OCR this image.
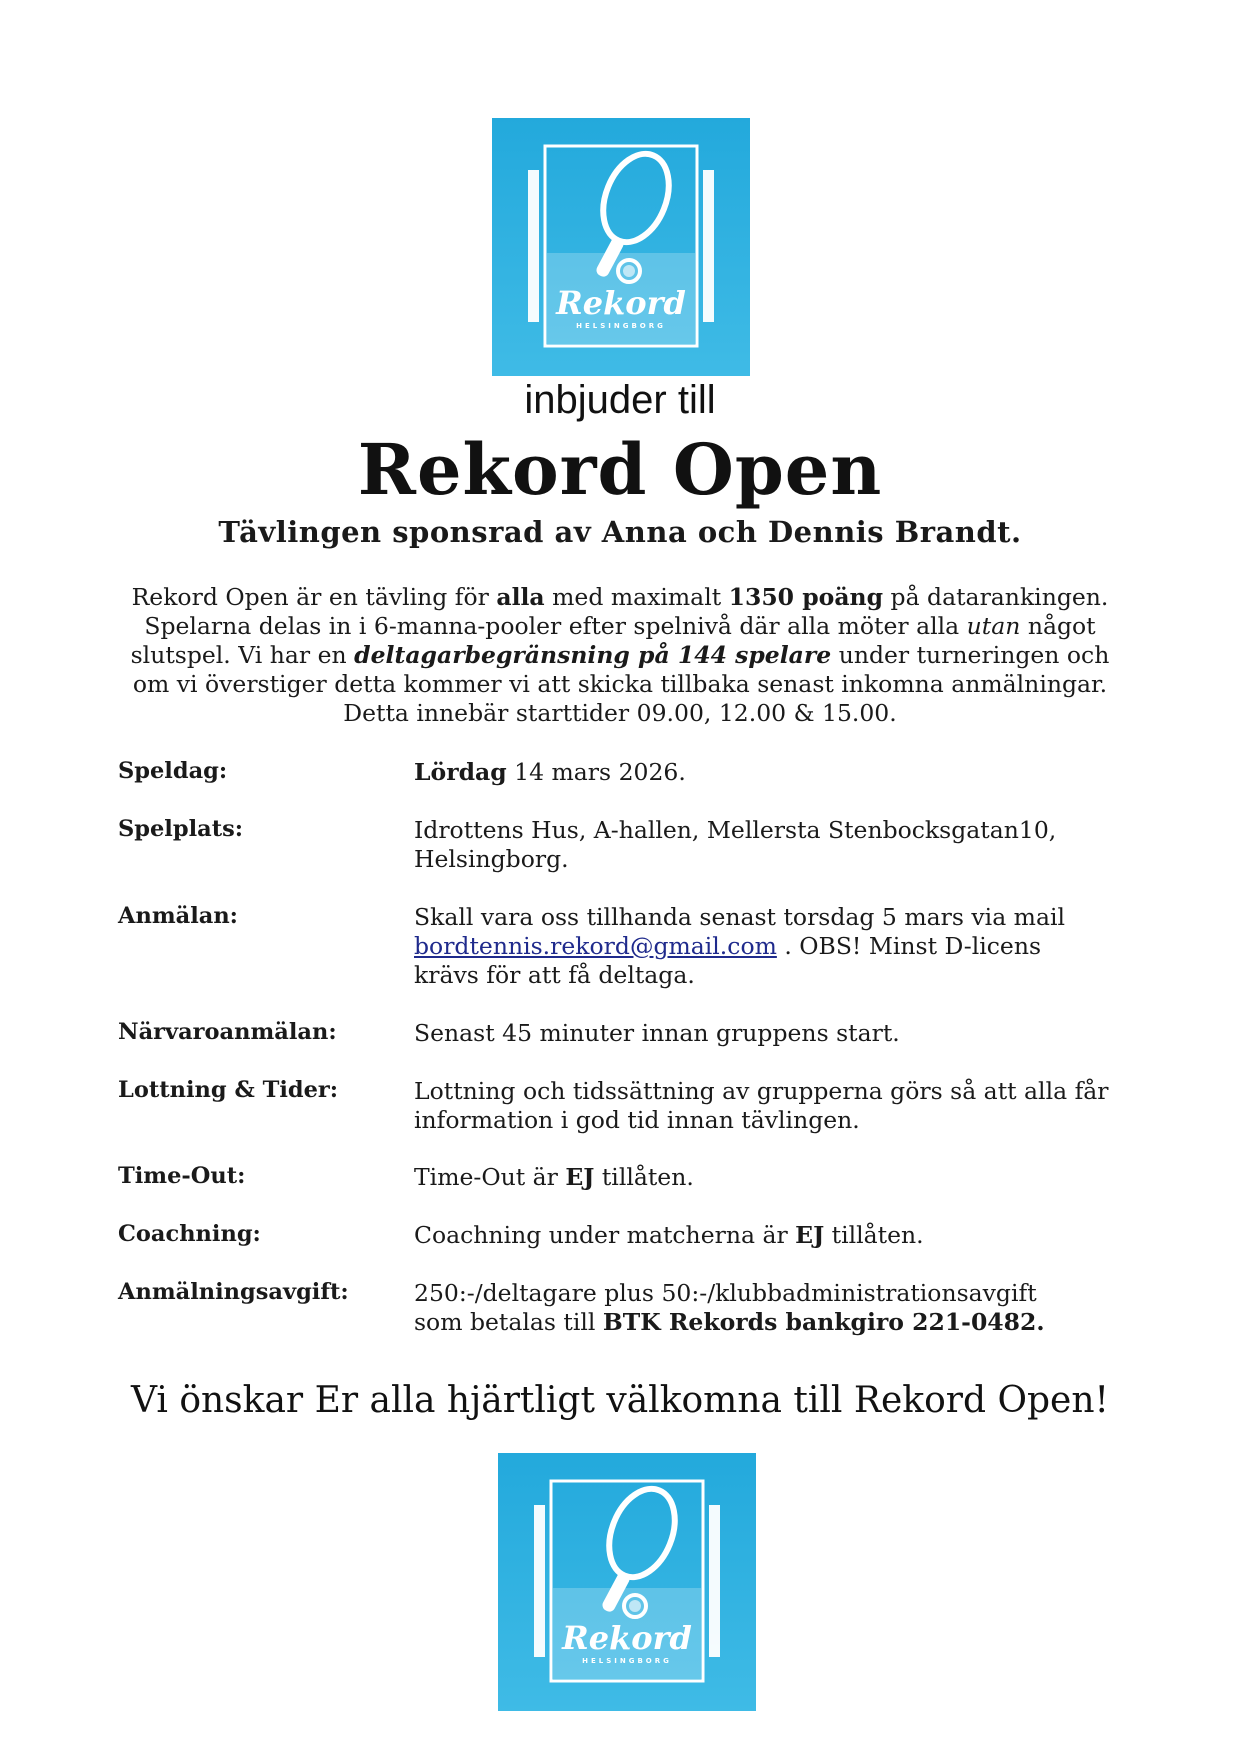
Rekord
HELSINGBORG
inbjuder till
Rekord Open
Tävlingen sponsrad av Anna och Dennis Brandt.
Rekord Open är en tävling för alla med maximalt 1350 poäng på datarankingen.
Spelarna delas in i 6-manna-pooler efter spelnivå där alla möter alla utan något
slutspel. Vi har en deltagarbegränsning på 144 spelare under turneringen och
om vi överstiger detta kommer vi att skicka tillbaka senast inkomna anmälningar.
Detta innebär starttider 09.00, 12.00 & 15.00.
Speldag:	Lördag 14 mars 2026.
Spelplats:	Idrottens Hus, A-hallen, Mellersta Stenbocksgatan10,
Helsingborg.
Anmälan:	Skall vara oss tillhanda senast torsdag 5 mars via mail
bordtennis.rekord@gmail.com . OBS! Minst D-licens
krävs för att få deltaga.
Närvaroanmälan:	Senast 45 minuter innan gruppens start.
Lottning & Tider:	Lottning och tidssättning av grupperna görs så att alla får
information i god tid innan tävlingen.
Time-Out:	Time-Out är EJ tillåten.
Coachning:	Coachning under matcherna är EJ tillåten.
Anmälningsavgift:	250:-/deltagare plus 50:-/klubbadministrationsavgift
som betalas till BTK Rekords bankgiro 221-0482.
Vi önskar Er alla hjärtligt välkomna till Rekord Open!
Rekord
HELSINGBORG
